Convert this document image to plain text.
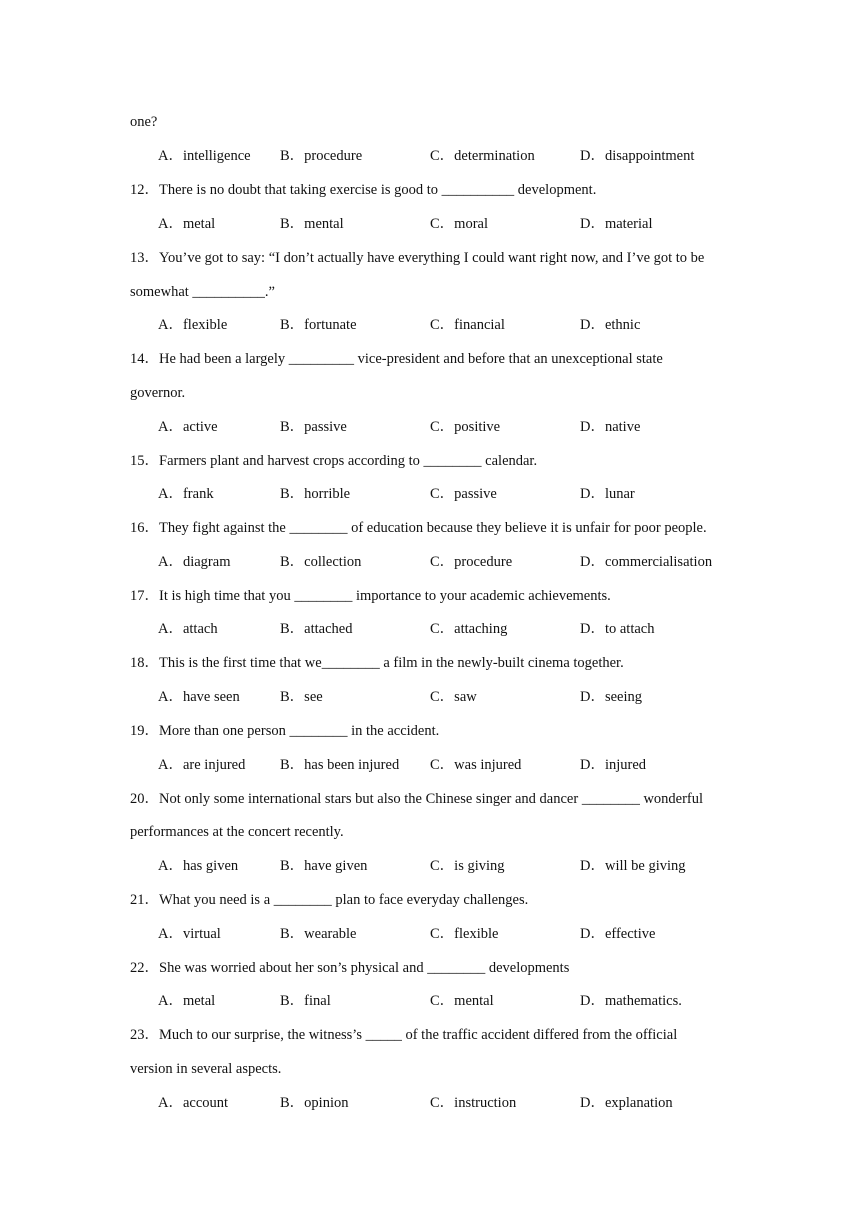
one?
A．intelligence B．procedure	C．determination	D．disappointment
12．There is no doubt that taking exercise is good to __________ development.
A．metal	B．mental	C．moral	D．material
13．You’ve got to say: “I don’t actually have everything I could want right now, and I’ve got to be
somewhat __________.”
A．flexible	B．fortunate	C．financial	D．ethnic
14．He had been a largely _________ vice-president and before that an unexceptional state
governor.
A．active	B．passive	C．positive	D．native
15．Farmers plant and harvest crops according to ________ calendar.
A．frank	B．horrible	C．passive	D．lunar
16．They fight against the ________ of education because they believe it is unfair for poor people.
A．diagram	B．collection	C．procedure	D．commercialisation
17．It is high time that you ________ importance to your academic achievements.
A．attach	B．attached	C．attaching	D．to attach
18．This is the first time that we________ a film in the newly-built cinema together.
A．have seen	B．see	C．saw	D．seeing
19．More than one person ________ in the accident.
A．are injured B．has been injured C．was injured	D．injured
20．Not only some international stars but also the Chinese singer and dancer ________ wonderful
performances at the concert recently.
A．has given	B．have given	C．is giving	D．will be giving
21．What you need is a ________ plan to face everyday challenges.
A．virtual	B．wearable	C．flexible	D．effective
22．She was worried about her son’s physical and ________ developments
A．metal	B．final	C．mental	D．mathematics.
23．Much to our surprise, the witness’s _____ of the traffic accident differed from the official
version in several aspects.
A．account	B．opinion	C．instruction	D．explanation
